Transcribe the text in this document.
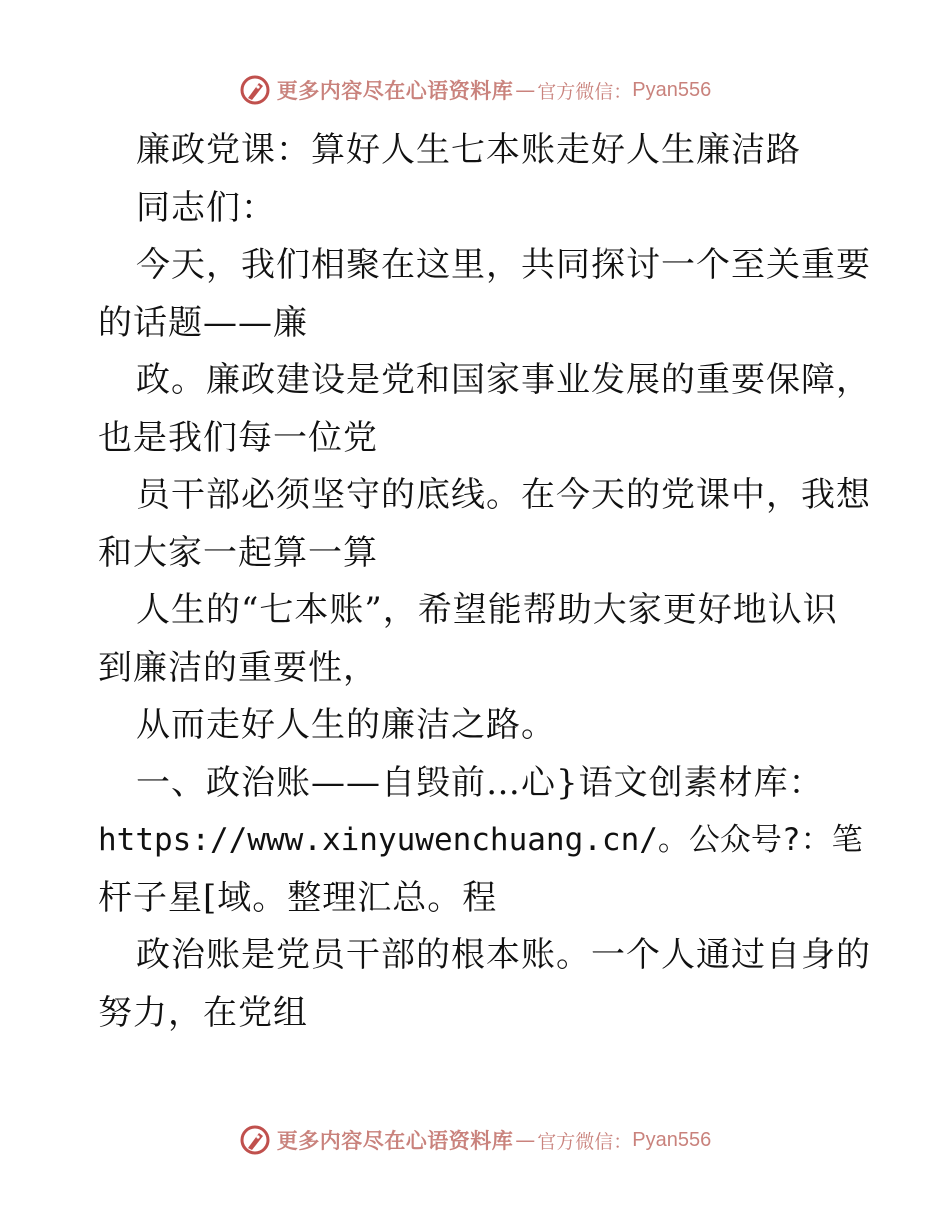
更多内容尽在心语资料库 — 官方微信： Pyan556
廉政党课：算好人生七本账走好人生廉洁路
同志们：
今天，我们相聚在这里，共同探讨一个至关重要
的话题——廉
政。廉政建设是党和国家事业发展的重要保障，
也是我们每一位党
员干部必须坚守的底线。在今天的党课中，我想
和大家一起算一算
人生的“七本账”，希望能帮助大家更好地认识
到廉洁的重要性，
从而走好人生的廉洁之路。
一、政治账——自毁前…心}语文创素材库：
https://www.xinyuwenchuang.cn/。公众号?：笔
杆子星[域。整理汇总。程
政治账是党员干部的根本账。一个人通过自身的
努力，在党组
更多内容尽在心语资料库 — 官方微信： Pyan556
